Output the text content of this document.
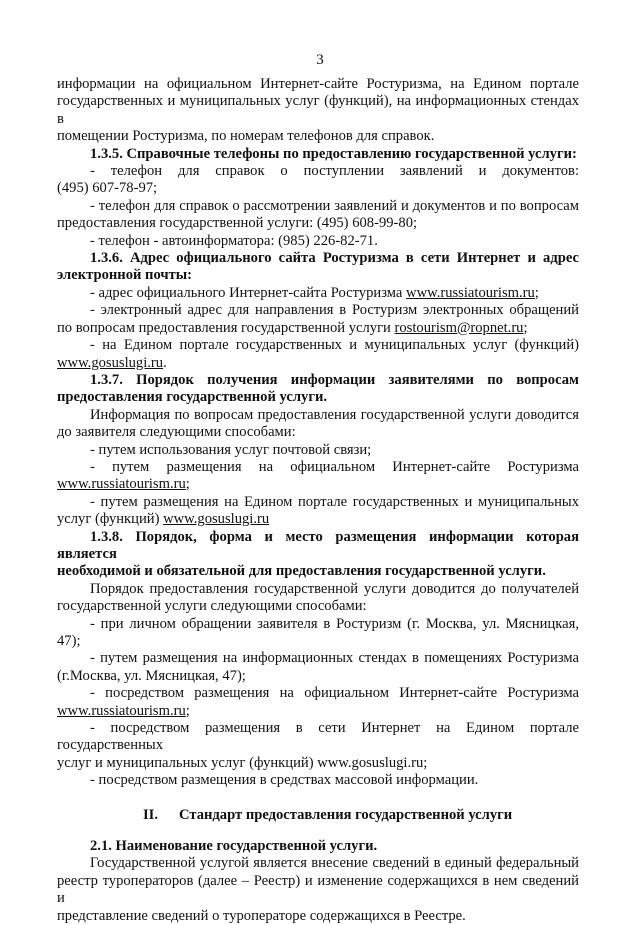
3

информации на официальном Интернет-сайте Ростуризма, на Едином портале

государственных и муниципальных услуг (функций), на информационных стендах в

помещении Ростуризма, по номерам телефонов для справок.

1.3.5. Справочные телефоны по предоставлению государственной услуги:

- телефон для справок о поступлении заявлений и документов:

(495) 607-78-97;

- телефон для справок о рассмотрении заявлений и документов и по вопросам

предоставления государственной услуги: (495) 608-99-80;

- телефон - автоинформатора: (985) 226-82-71.

1.3.6. Адрес официального сайта Ростуризма в сети Интернет и адрес

электронной почты:

- адрес официального Интернет-сайта Ростуризма www.russiatourism.ru;

- электронный адрес для направления в Ростуризм электронных обращений

по вопросам предоставления государственной услуги rostourism@ropnet.ru;

- на Едином портале государственных и муниципальных услуг (функций)

www.gosuslugi.ru.

1.3.7. Порядок получения информации заявителями по вопросам

предоставления государственной услуги.

Информация по вопросам предоставления государственной услуги доводится

до заявителя следующими способами:

- путем использования услуг почтовой связи;

- путем размещения на официальном Интернет-сайте Ростуризма

www.russiatourism.ru;

- путем размещения на Едином портале государственных и муниципальных

услуг (функций) www.gosuslugi.ru

1.3.8. Порядок, форма и место размещения информации которая является

необходимой и обязательной для предоставления государственной услуги.

Порядок предоставления государственной услуги доводится до получателей

государственной услуги следующими способами:

- при личном обращении заявителя в Ростуризм (г. Москва, ул. Мясницкая, 47);

- путем размещения на информационных стендах в помещениях Ростуризма

(г.Москва, ул. Мясницкая, 47);

- посредством размещения на официальном Интернет-сайте Ростуризма

www.russiatourism.ru;

- посредством размещения в сети Интернет на Едином портале государственных

услуг и муниципальных услуг (функций) www.gosuslugi.ru;

- посредством размещения в средствах массовой информации.

II. Стандарт предоставления государственной услуги

2.1. Наименование государственной услуги.

Государственной услугой является внесение сведений в единый федеральный

реестр туроператоров (далее – Реестр) и изменение содержащихся в нем сведений и

представление сведений о туроператоре содержащихся в Реестре.
